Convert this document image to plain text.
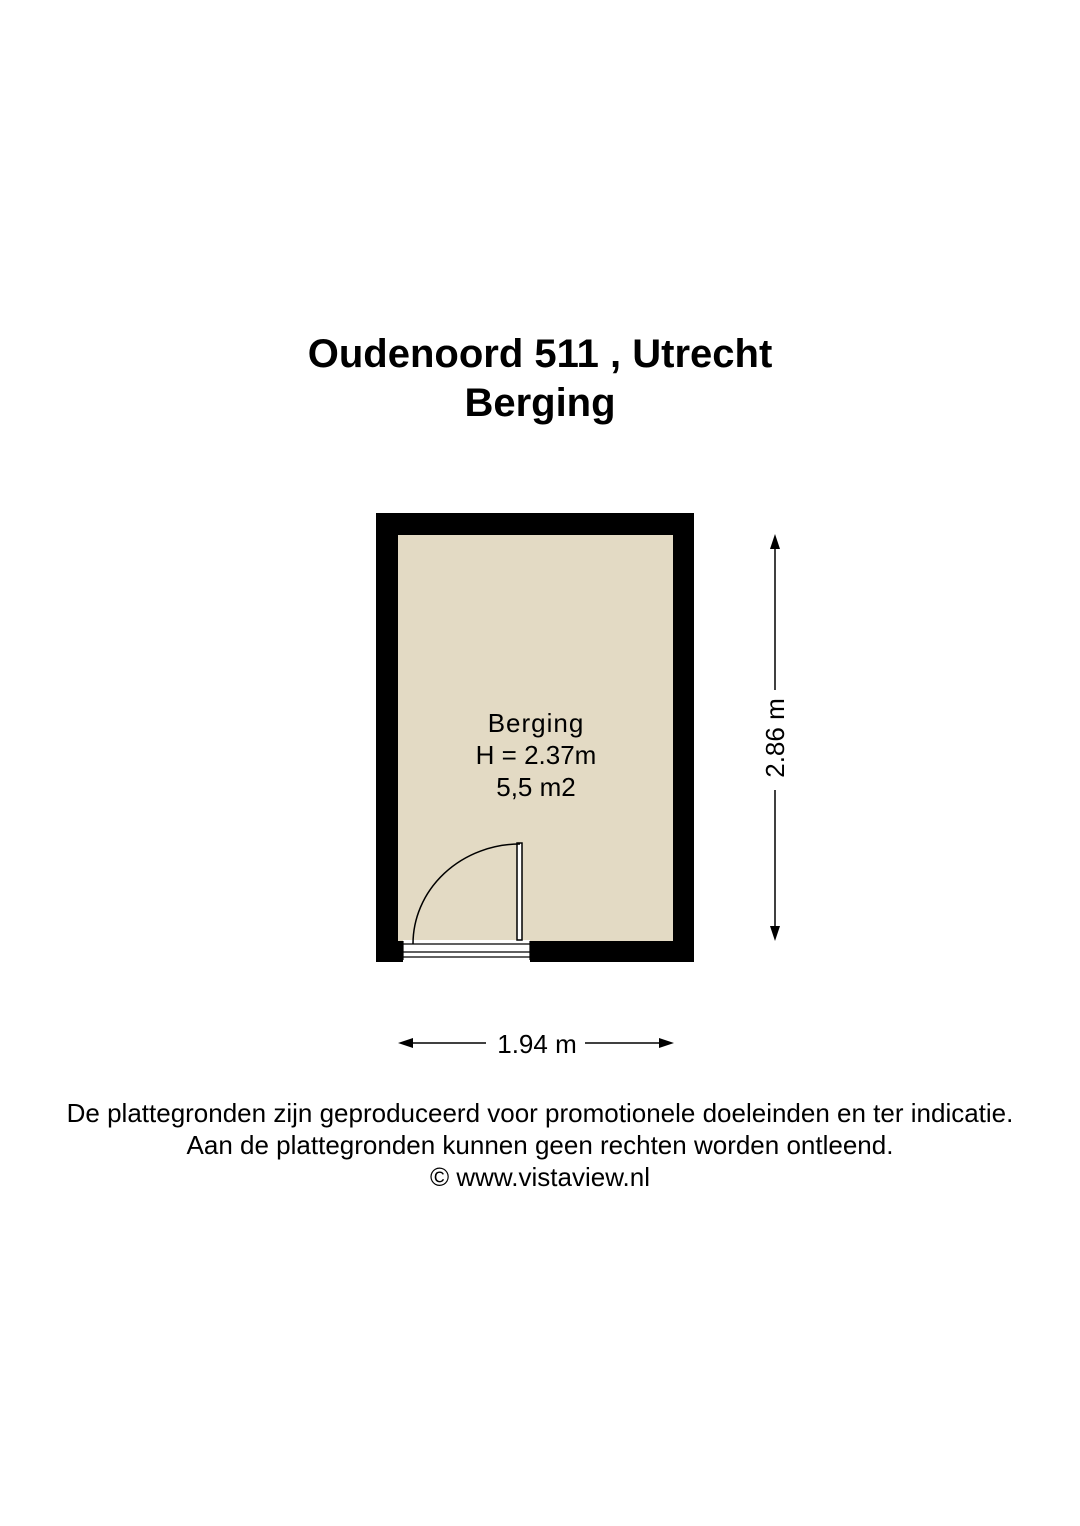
Oudenoord 511 , Utrecht
Berging
Berging
H = 2.37m
5,5 m2
1.94 m
2.86 m
De plattegronden zijn geproduceerd voor promotionele doeleinden en ter indicatie.
Aan de plattegronden kunnen geen rechten worden ontleend.
© www.vistaview.nl
